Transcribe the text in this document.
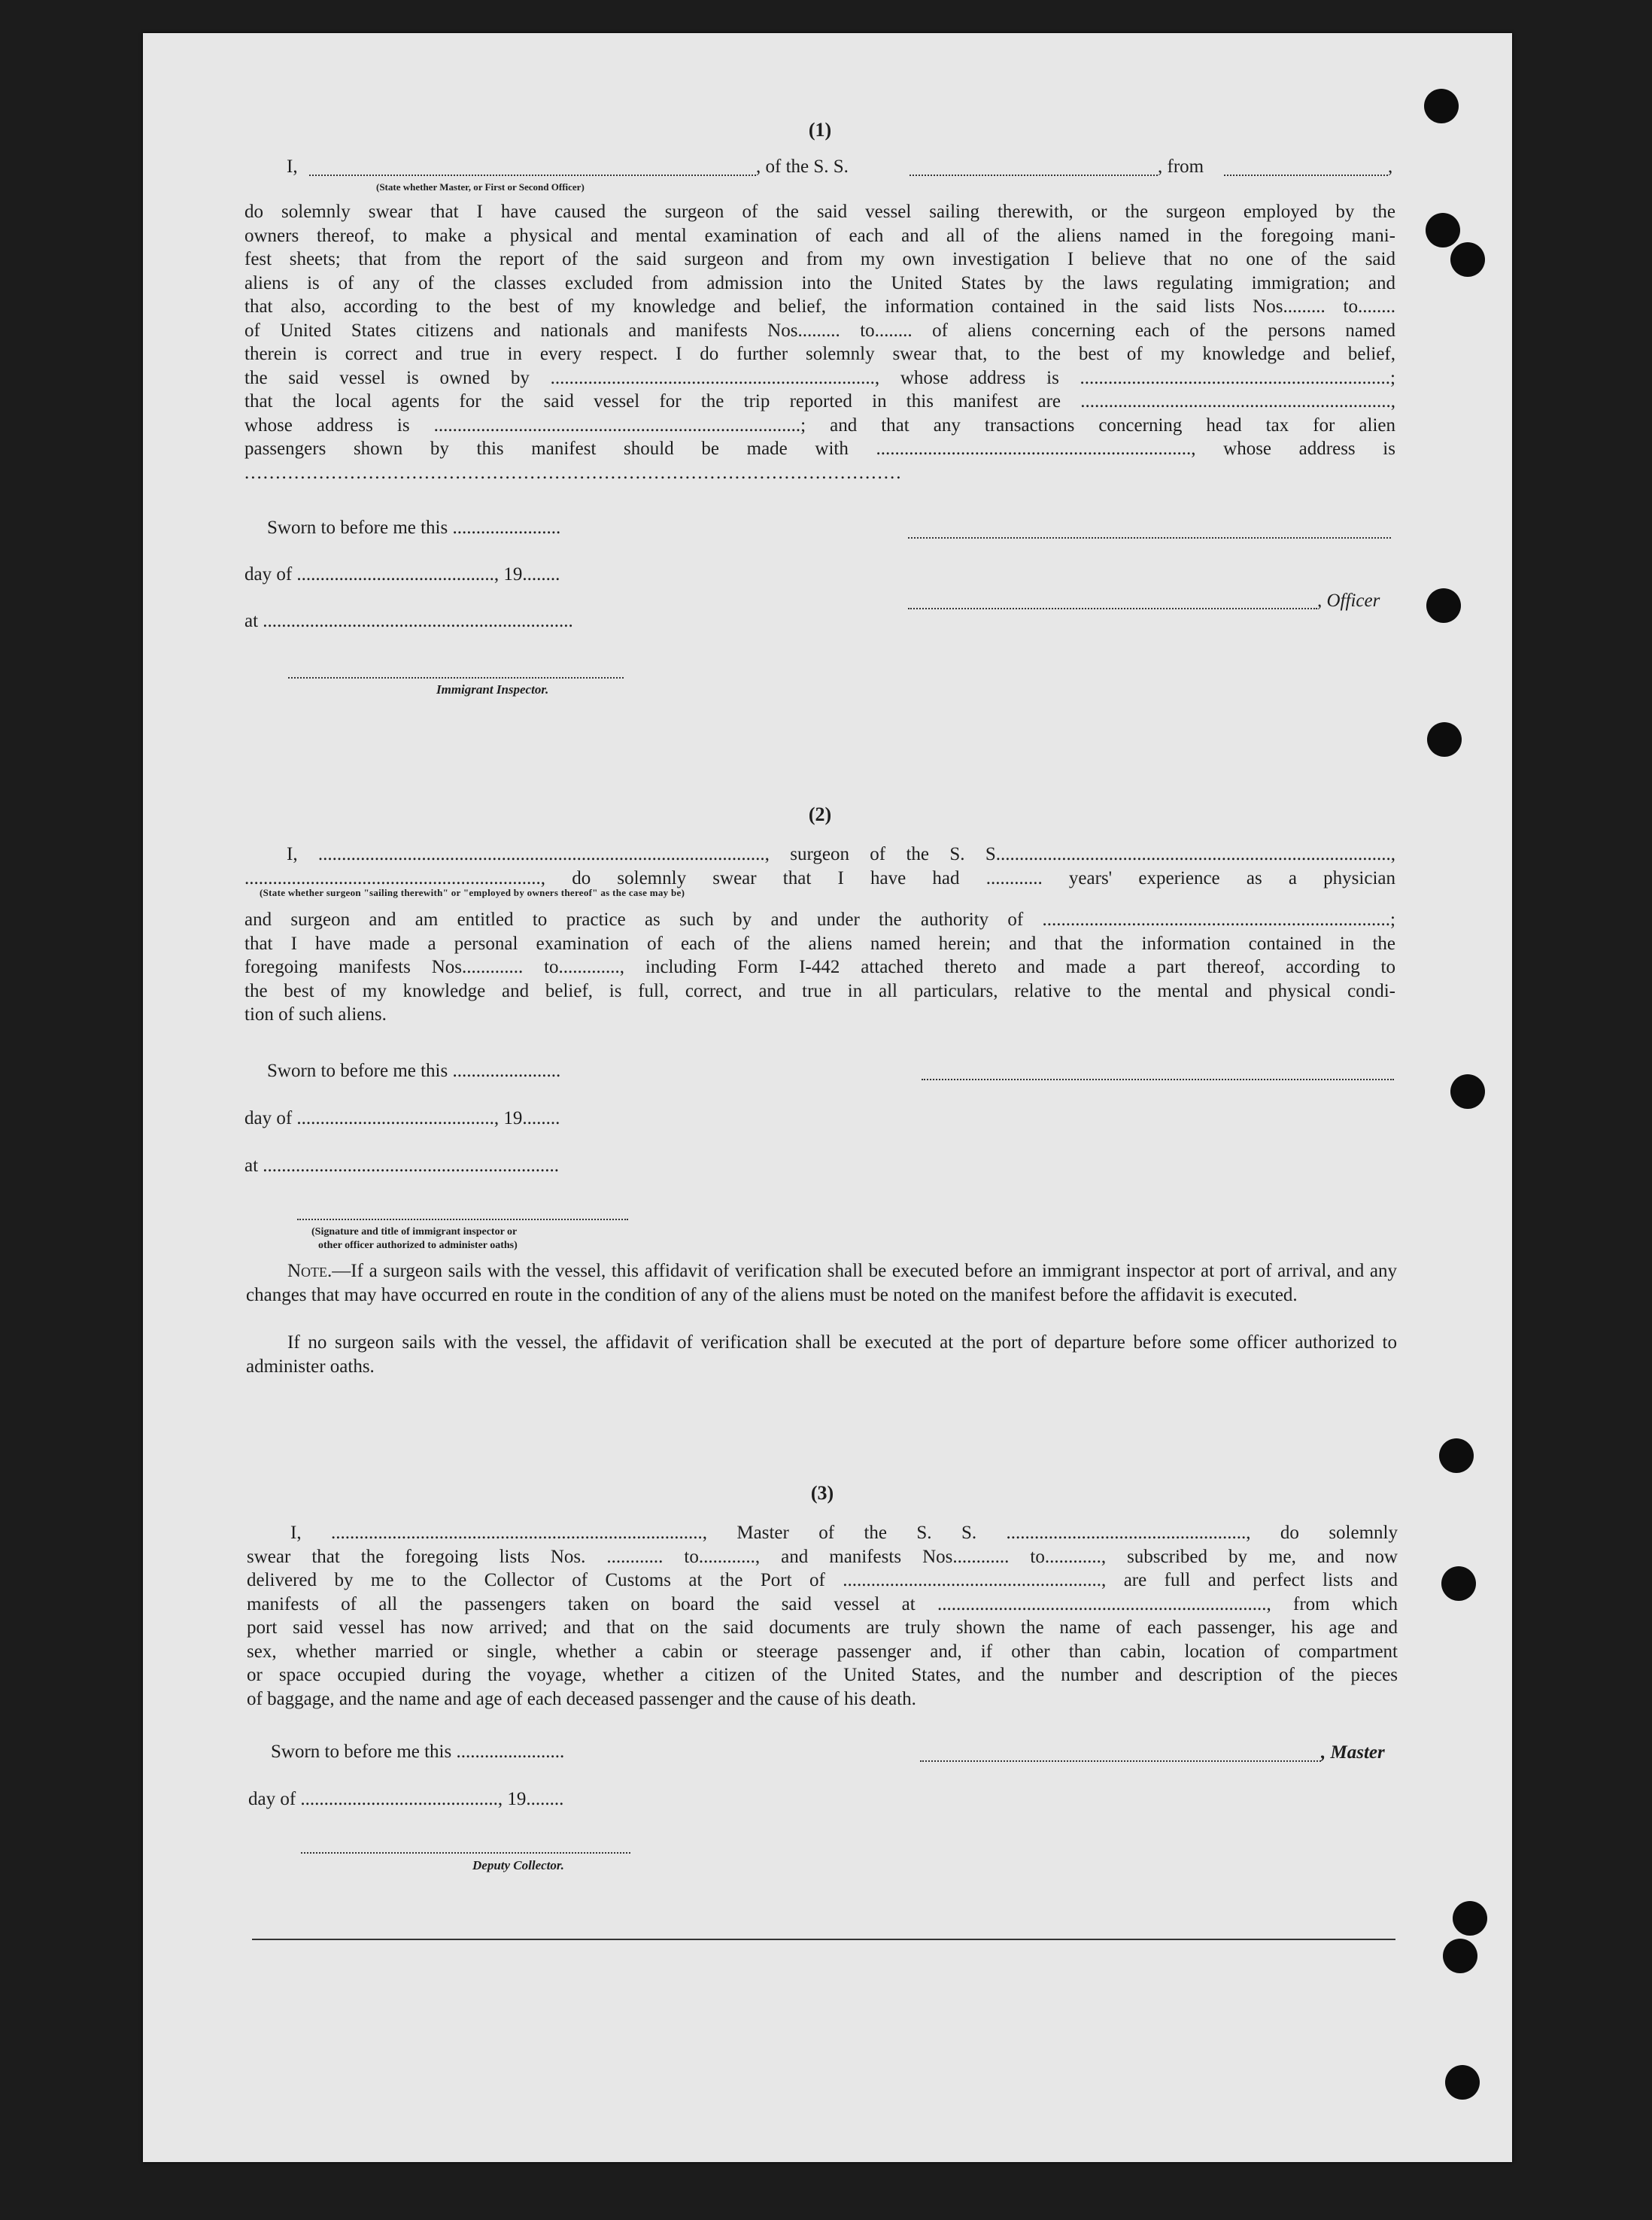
(1)
I,	, of the S. S.	, from	,
(State whether Master, or First or Second Officer)
do solemnly swear that I have caused the surgeon of the said vessel sailing therewith, or the surgeon employed by the
owners thereof, to make a physical and mental examination of each and all of the aliens named in the foregoing mani-
fest sheets; that from the report of the said surgeon and from my own investigation I believe that no one of the said
aliens is of any of the classes excluded from admission into the United States by the laws regulating immigration; and
that also, according to the best of my knowledge and belief, the information contained in the said lists Nos......... to........
of United States citizens and nationals and manifests Nos......... to........ of aliens concerning each of the persons named
therein is correct and true in every respect. I do further solemnly swear that, to the best of my knowledge and belief,
the said vessel is owned by ....................................................................., whose address is ..................................................................;
that the local agents for the said vessel for the trip reported in this manifest are ..................................................................,
whose address is ..............................................................................; and that any transactions concerning head tax for alien
passengers shown by this manifest should be made with ..................................................................., whose address is
..........................................................................................................
Sworn to before me this .......................
day of .........................................., 19........
at ..................................................................
, Officer
Immigrant Inspector.
(2)
I, ..............................................................................................., surgeon of the S. S....................................................................................,
..............................................................., do solemnly swear that I have had ............ years' experience as a physician
(State whether surgeon "sailing therewith" or "employed by owners thereof" as the case may be)
and surgeon and am entitled to practice as such by and under the authority of ..........................................................................;
that I have made a personal examination of each of the aliens named herein; and that the information contained in the
foregoing manifests Nos............. to............., including Form I-442 attached thereto and made a part thereof, according to
the best of my knowledge and belief, is full, correct, and true in all particulars, relative to the mental and physical condi-
tion of such aliens.
Sworn to before me this .......................
day of .........................................., 19........
at ...............................................................
(Signature and title of immigrant inspector or
other officer authorized to administer oaths)
Note.—If a surgeon sails with the vessel, this affidavit of verification shall be executed before an immigrant inspector at port of arrival, and any changes that may have occurred en route in the condition of any of the aliens must be noted on the manifest before the affidavit is executed.
If no surgeon sails with the vessel, the affidavit of verification shall be executed at the port of departure before some officer authorized to administer oaths.
(3)
I, ..............................................................................., Master of the S. S. ..................................................., do solemnly
swear that the foregoing lists Nos. ............ to............, and manifests Nos............ to............, subscribed by me, and now
delivered by me to the Collector of Customs at the Port of ......................................................., are full and perfect lists and
manifests of all the passengers taken on board the said vessel at ......................................................................, from which
port said vessel has now arrived; and that on the said documents are truly shown the name of each passenger, his age and
sex, whether married or single, whether a cabin or steerage passenger and, if other than cabin, location of compartment
or space occupied during the voyage, whether a citizen of the United States, and the number and description of the pieces
of baggage, and the name and age of each deceased passenger and the cause of his death.
Sworn to before me this .......................
day of .........................................., 19........
, Master
Deputy Collector.
